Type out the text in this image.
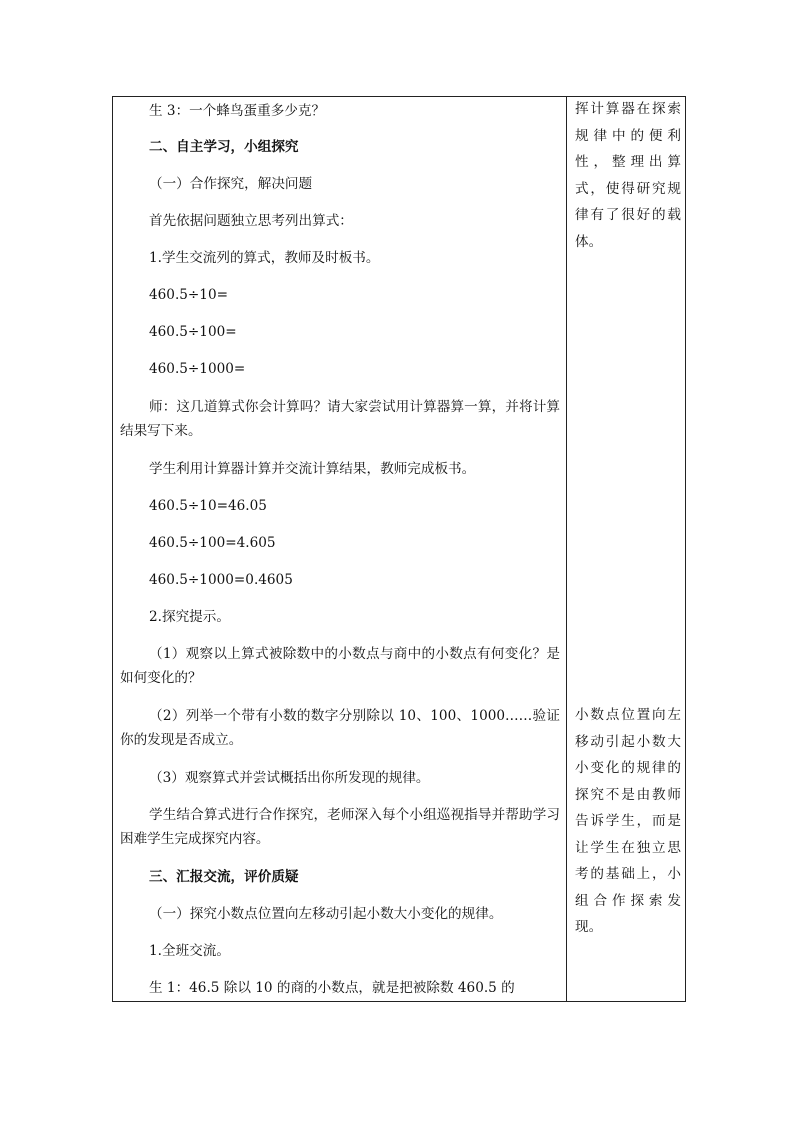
生 3：一个蜂鸟蛋重多少克？
二、自主学习，小组探究
（一）合作探究，解决问题
首先依据问题独立思考列出算式：
1.学生交流列的算式，教师及时板书。
460.5÷10=
460.5÷100=
460.5÷1000=
师：这几道算式你会计算吗？请大家尝试用计算器算一算，并将计算结果写下来。
学生利用计算器计算并交流计算结果，教师完成板书。
460.5÷10=46.05
460.5÷100=4.605
460.5÷1000=0.4605
2.探究提示。
（1）观察以上算式被除数中的小数点与商中的小数点有何变化？是如何变化的？
（2）列举一个带有小数的数字分别除以 10、100、1000……验证你的发现是否成立。
（3）观察算式并尝试概括出你所发现的规律。
学生结合算式进行合作探究，老师深入每个小组巡视指导并帮助学习困难学生完成探究内容。
三、汇报交流，评价质疑
（一）探究小数点位置向左移动引起小数大小变化的规律。
1.全班交流。
生 1：46.5 除以 10 的商的小数点，就是把被除数 460.5 的
挥计算器在探索规律中的便利性，整理出算式，使得研究规律有了很好的载体。
小数点位置向左移动引起小数大小变化的规律的探究不是由教师告诉学生，而是让学生在独立思考的基础上，小组合作探索发现。
